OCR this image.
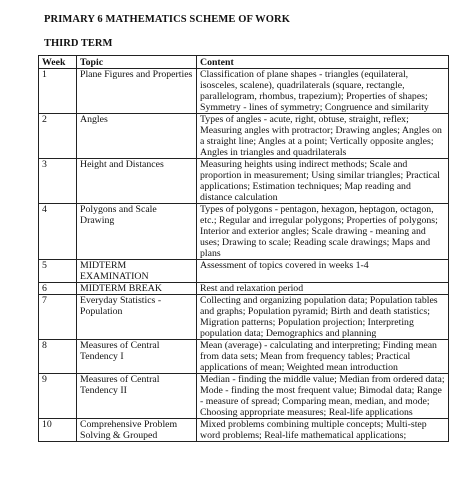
PRIMARY 6 MATHEMATICS SCHEME OF WORK
THIRD TERM
Week	Topic	Content
1	Plane Figures and Properties	Classification of plane shapes - triangles (equilateral, isosceles, scalene), quadrilaterals (square, rectangle, parallelogram, rhombus, trapezium); Properties of shapes; Symmetry - lines of symmetry; Congruence and similarity
2	Angles	Types of angles - acute, right, obtuse, straight, reflex; Measuring angles with protractor; Drawing angles; Angles on a straight line; Angles at a point; Vertically opposite angles; Angles in triangles and quadrilaterals
3	Height and Distances	Measuring heights using indirect methods; Scale and proportion in measurement; Using similar triangles; Practical applications; Estimation techniques; Map reading and distance calculation
4	Polygons and Scale Drawing	Types of polygons - pentagon, hexagon, heptagon, octagon, etc.; Regular and irregular polygons; Properties of polygons; Interior and exterior angles; Scale drawing - meaning and uses; Drawing to scale; Reading scale drawings; Maps and plans
5	MIDTERM EXAMINATION	Assessment of topics covered in weeks 1-4
6	MIDTERM BREAK	Rest and relaxation period
7	Everyday Statistics - Population	Collecting and organizing population data; Population tables and graphs; Population pyramid; Birth and death statistics; Migration patterns; Population projection; Interpreting population data; Demographics and planning
8	Measures of Central Tendency I	Mean (average) - calculating and interpreting; Finding mean from data sets; Mean from frequency tables; Practical applications of mean; Weighted mean introduction
9	Measures of Central Tendency II	Median - finding the middle value; Median from ordered data; Mode - finding the most frequent value; Bimodal data; Range - measure of spread; Comparing mean, median, and mode; Choosing appropriate measures; Real-life applications
10	Comprehensive Problem Solving & Grouped	Mixed problems combining multiple concepts; Multi-step word problems; Real-life mathematical applications;
